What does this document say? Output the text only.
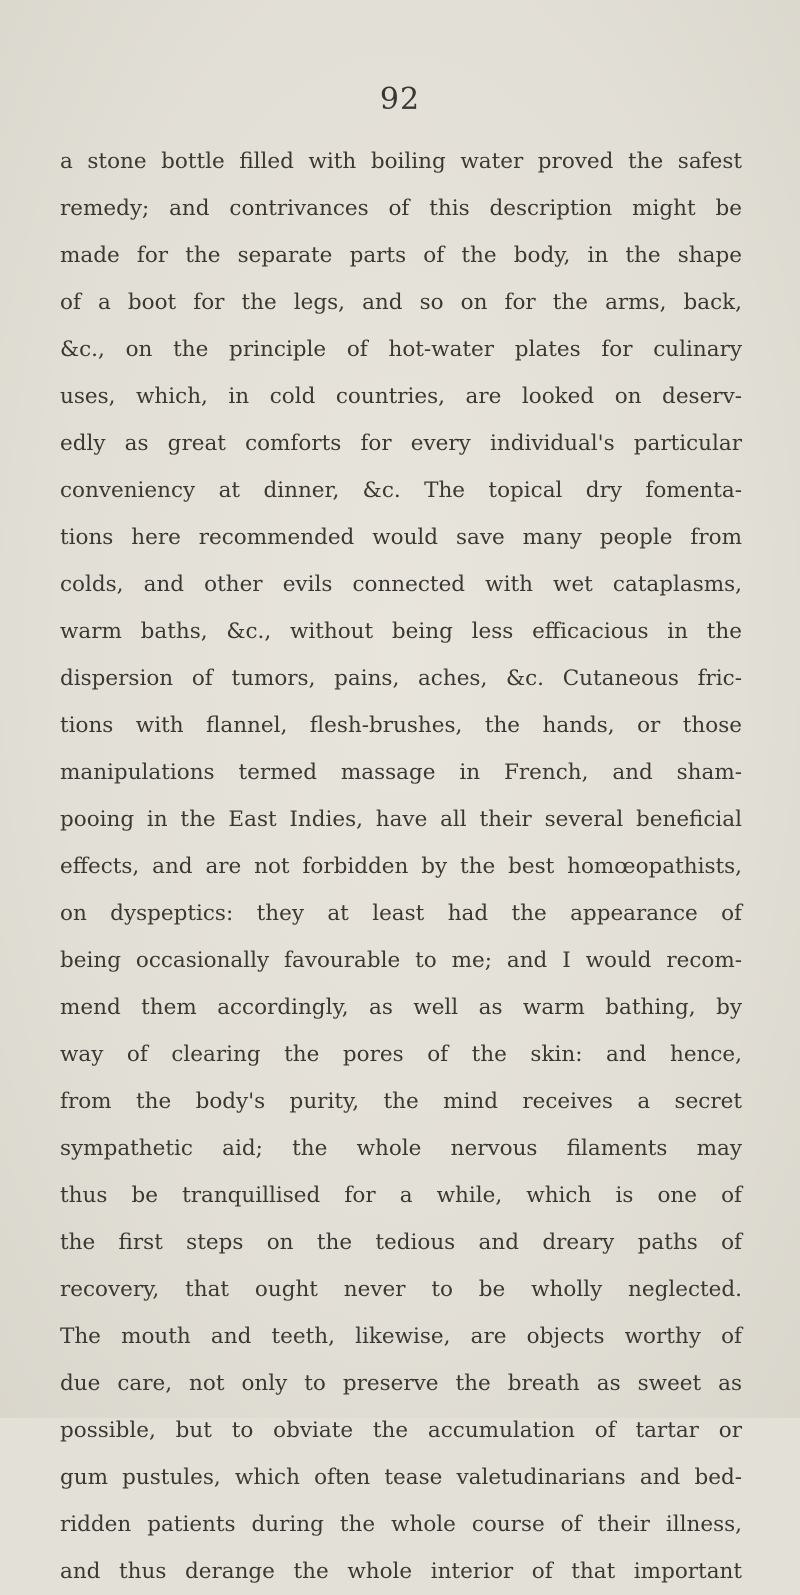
92
a stone bottle filled with boiling water proved the safest
remedy; and contrivances of this description might be
made for the separate parts of the body, in the shape
of a boot for the legs, and so on for the arms, back,
&c., on the principle of hot-water plates for culinary
uses, which, in cold countries, are looked on deserv-
edly as great comforts for every individual's particular
conveniency at dinner, &c. The topical dry fomenta-
tions here recommended would save many people from
colds, and other evils connected with wet cataplasms,
warm baths, &c., without being less efficacious in the
dispersion of tumors, pains, aches, &c. Cutaneous fric-
tions with flannel, flesh-brushes, the hands, or those
manipulations termed massage in French, and sham-
pooing in the East Indies, have all their several beneficial
effects, and are not forbidden by the best homœopathists,
on dyspeptics: they at least had the appearance of
being occasionally favourable to me; and I would recom-
mend them accordingly, as well as warm bathing, by
way of clearing the pores of the skin: and hence,
from the body's purity, the mind receives a secret
sympathetic aid; the whole nervous filaments may
thus be tranquillised for a while, which is one of
the first steps on the tedious and dreary paths of
recovery, that ought never to be wholly neglected.
The mouth and teeth, likewise, are objects worthy of
due care, not only to preserve the breath as sweet as
possible, but to obviate the accumulation of tartar or
gum pustules, which often tease valetudinarians and bed-
ridden patients during the whole course of their illness,
and thus derange the whole interior of that important
